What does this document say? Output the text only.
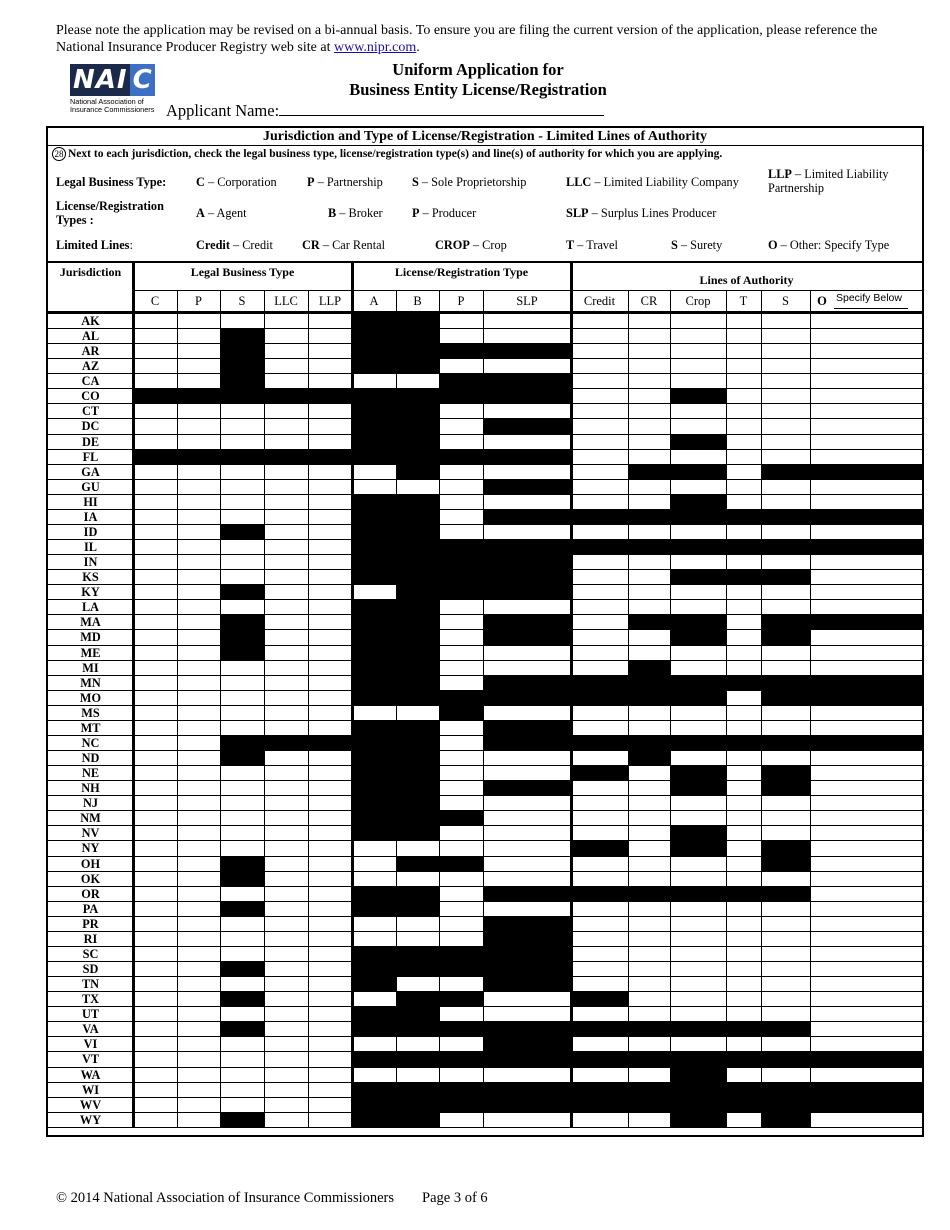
Please note the application may be revised on a bi-annual basis. To ensure you are filing the current version of the application, please reference the National Insurance Producer Registry web site at www.nipr.com.
NAI C
National Association of
Insurance Commissioners
Uniform Application for
Business Entity License/Registration
Applicant Name:
Jurisdiction and Type of License/Registration - Limited Lines of Authority
28 Next to each jurisdiction, check the legal business type, license/registration type(s) and line(s) of authority for which you are applying.
Legal Business Type: C – Corporation P – Partnership S – Sole Proprietorship	LLC – Limited Liability Company
LLP – Limited Liability
Partnership
License/Registration
Types :	A – Agent	B – Broker P – Producer	SLP – Surplus Lines Producer
Limited Lines:	Credit – Credit CR – Car Rental	CROP – Crop	T – Travel	S – Surety	O – Other: Specify Type
Jurisdiction	Legal Business Type	License/Registration Type
Lines of Authority
Specify Below
C	P	S	LLC	LLP	A	B	P	SLP	Credit	CR	Crop	T	S	O
AK
AL
AR
AZ
CA
CO
CT
DC
DE
FL
GA
GU
HI
IA
ID
IL
IN
KS
KY
LA
MA
MD
ME
MI
MN
MO
MS
MT
NC
ND
NE
NH
NJ
NM
NV
NY
OH
OK
OR
PA
PR
RI
SC
SD
TN
TX
UT
VA
VI
VT
WA
WI
WV
WY
© 2014 National Association of Insurance Commissioners Page 3 of 6
